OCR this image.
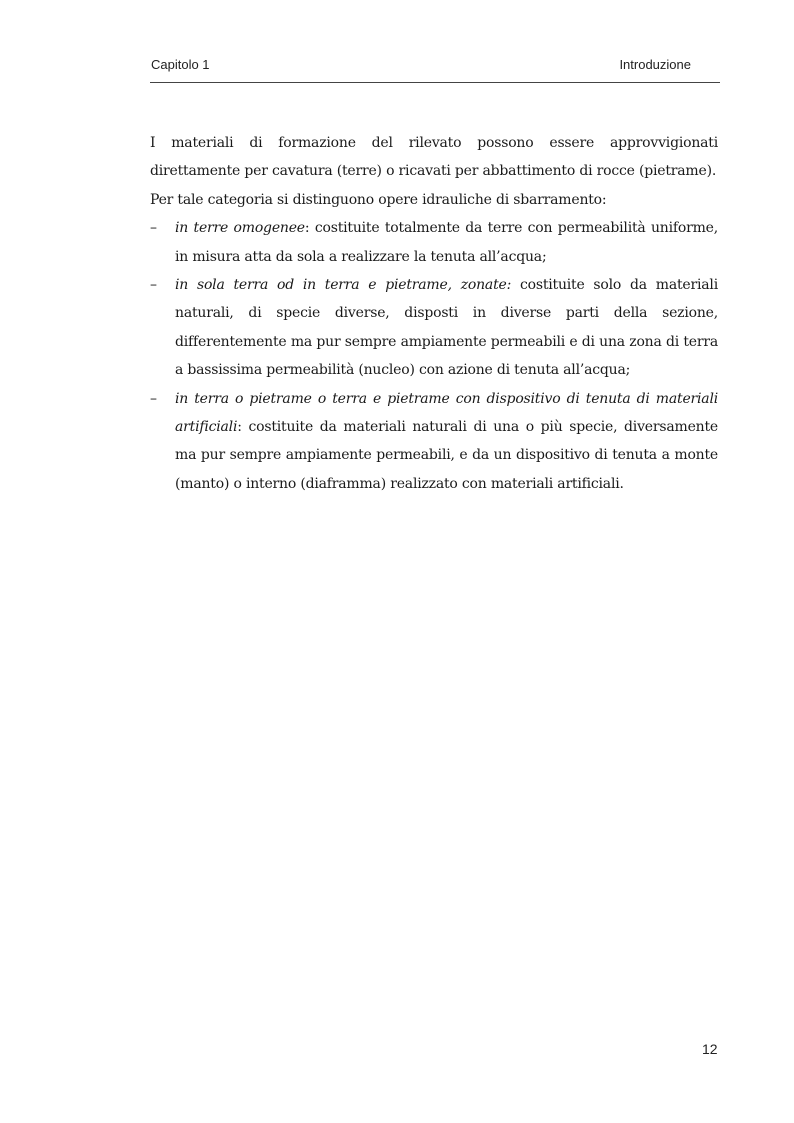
Capitolo 1	Introduzione
I materiali di formazione del rilevato possono essere approvvigionati direttamente per cavatura (terre) o ricavati per abbattimento di rocce (pietrame).
Per tale categoria si distinguono opere idrauliche di sbarramento:
– in terre omogenee: costituite totalmente da terre con permeabilità uniforme, in misura atta da sola a realizzare la tenuta all’acqua;
– in sola terra od in terra e pietrame, zonate: costituite solo da materiali naturali, di specie diverse, disposti in diverse parti della sezione, differentemente ma pur sempre ampiamente permeabili e di una zona di terra a bassissima permeabilità (nucleo) con azione di tenuta all’acqua;
– in terra o pietrame o terra e pietrame con dispositivo di tenuta di materiali artificiali: costituite da materiali naturali di una o più specie, diversamente ma pur sempre ampiamente permeabili, e da un dispositivo di tenuta a monte (manto) o interno (diaframma) realizzato con materiali artificiali.
12
